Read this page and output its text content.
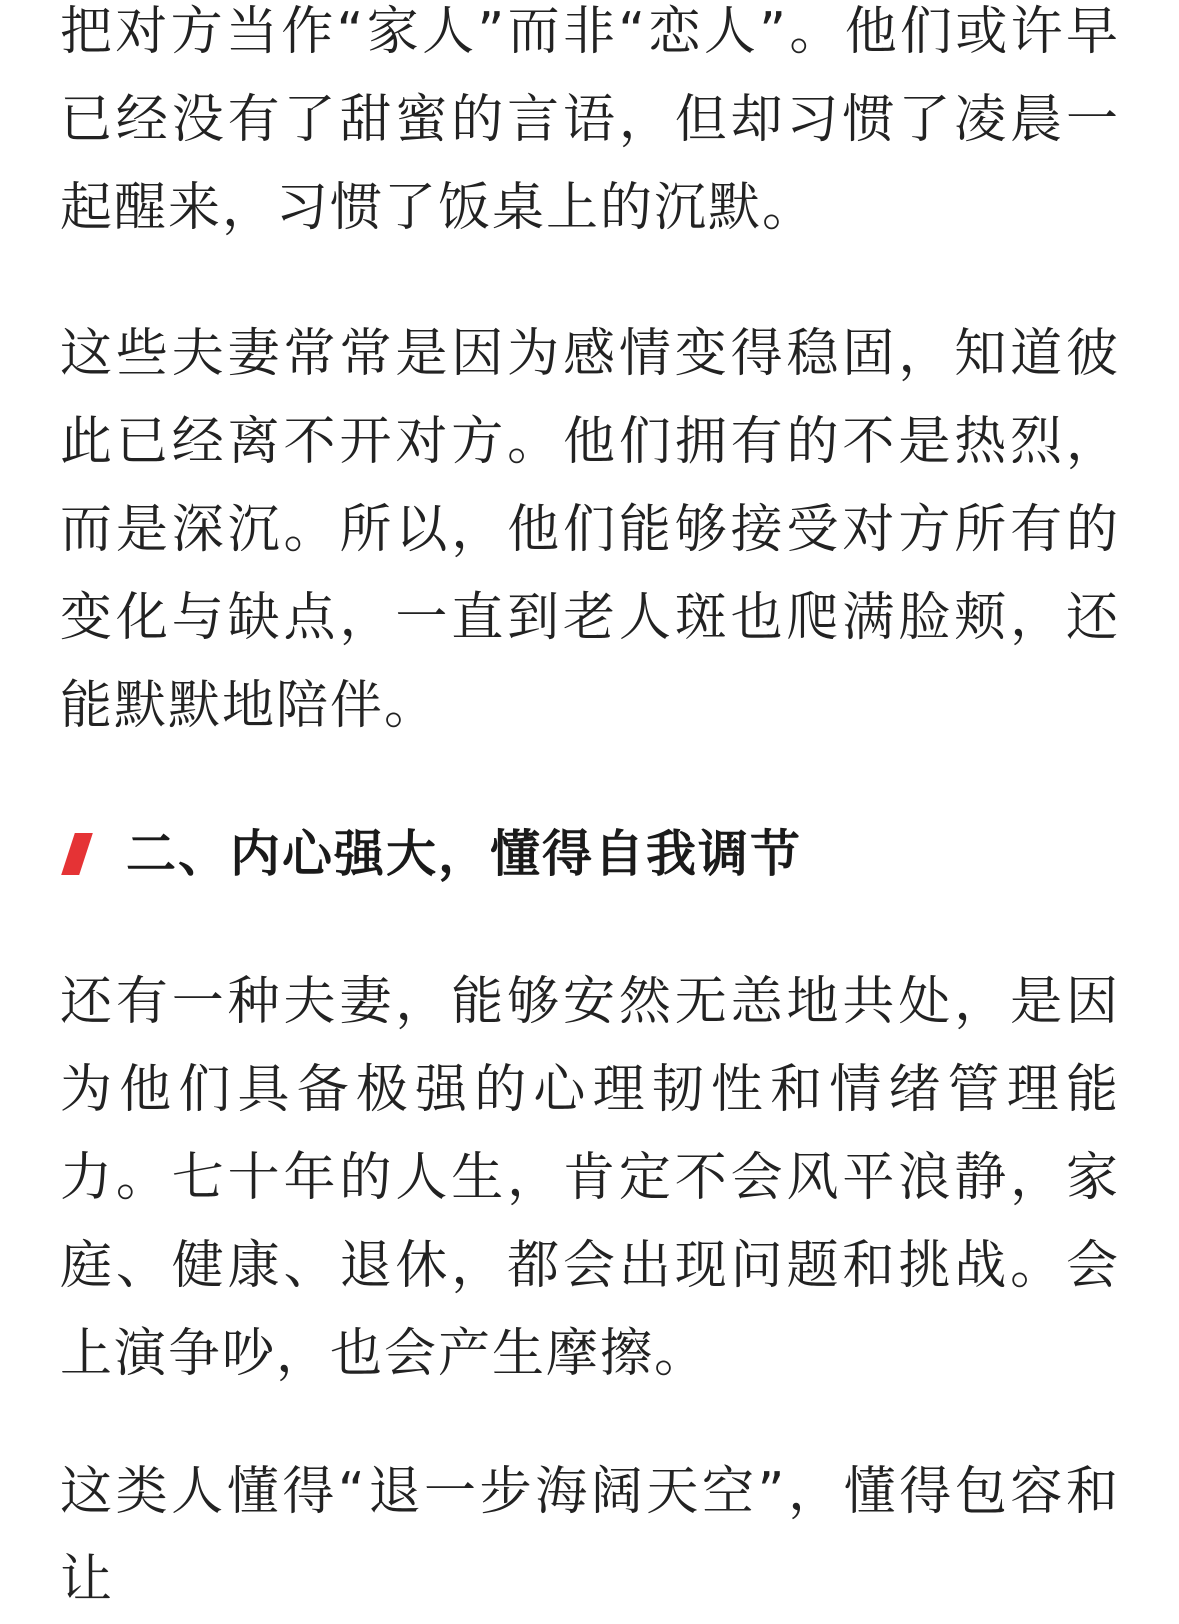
把对方当作“家人”而非“恋人”。他们或许早已经没有了甜蜜的言语，但却习惯了凌晨一起醒来，习惯了饭桌上的沉默。

这些夫妻常常是因为感情变得稳固，知道彼此已经离不开对方。他们拥有的不是热烈，而是深沉。所以，他们能够接受对方所有的变化与缺点，一直到老人斑也爬满脸颊，还能默默地陪伴。

二、内心强大，懂得自我调节

还有一种夫妻，能够安然无恙地共处，是因为他们具备极强的心理韧性和情绪管理能力。七十年的人生，肯定不会风平浪静，家庭、健康、退休，都会出现问题和挑战。会上演争吵，也会产生摩擦。

这类人懂得“退一步海阔天空”，懂得包容和让
